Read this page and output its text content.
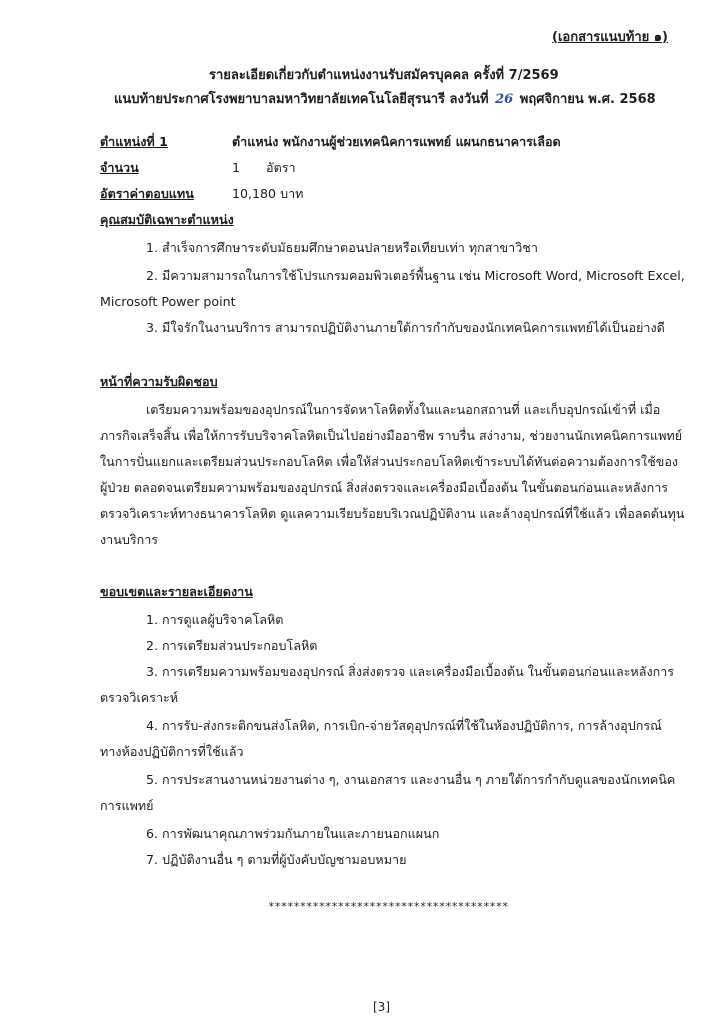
(เอกสารแนบท้าย ๑)
รายละเอียดเกี่ยวกับตำแหน่งงานรับสมัครบุคคล ครั้งที่ 7/2569
แนบท้ายประกาศโรงพยาบาลมหาวิทยาลัยเทคโนโลยีสุรนารี ลงวันที่ 26 พฤศจิกายน พ.ศ. 2568
ตำแหน่งที่ 1	ตำแหน่ง พนักงานผู้ช่วยเทคนิคการแพทย์ แผนกธนาคารเลือด
จำนวน	1 อัตรา
อัตราค่าตอบแทน	10,180 บาท
คุณสมบัติเฉพาะตำแหน่ง
1. สำเร็จการศึกษาระดับมัธยมศึกษาตอนปลายหรือเทียบเท่า ทุกสาขาวิชา
2. มีความสามารถในการใช้โปรแกรมคอมพิวเตอร์พื้นฐาน เช่น Microsoft Word, Microsoft Excel,
Microsoft Power point
3. มีใจรักในงานบริการ สามารถปฏิบัติงานภายใต้การกำกับของนักเทคนิคการแพทย์ได้เป็นอย่างดี
หน้าที่ความรับผิดชอบ
เตรียมความพร้อมของอุปกรณ์ในการจัดหาโลหิตทั้งในและนอกสถานที่ และเก็บอุปกรณ์เข้าที่ เมื่อ
ภารกิจเสร็จสิ้น เพื่อให้การรับบริจาคโลหิตเป็นไปอย่างมืออาชีพ ราบรื่น สง่างาม, ช่วยงานนักเทคนิคการแพทย์
ในการปั่นแยกและเตรียมส่วนประกอบโลหิต เพื่อให้ส่วนประกอบโลหิตเข้าระบบได้ทันต่อความต้องการใช้ของ
ผู้ป่วย ตลอดจนเตรียมความพร้อมของอุปกรณ์ สิ่งส่งตรวจและเครื่องมือเบื้องต้น ในขั้นตอนก่อนและหลังการ
ตรวจวิเคราะห์ทางธนาคารโลหิต ดูแลความเรียบร้อยบริเวณปฏิบัติงาน และล้างอุปกรณ์ที่ใช้แล้ว เพื่อลดต้นทุน
งานบริการ
ขอบเขตและรายละเอียดงาน
1. การดูแลผู้บริจาคโลหิต
2. การเตรียมส่วนประกอบโลหิต
3. การเตรียมความพร้อมของอุปกรณ์ สิ่งส่งตรวจ และเครื่องมือเบื้องต้น ในขั้นตอนก่อนและหลังการ
ตรวจวิเคราะห์
4. การรับ-ส่งกระติกขนส่งโลหิต, การเบิก-จ่ายวัสดุอุปกรณ์ที่ใช้ในห้องปฏิบัติการ, การล้างอุปกรณ์
ทางห้องปฏิบัติการที่ใช้แล้ว
5. การประสานงานหน่วยงานต่าง ๆ, งานเอกสาร และงานอื่น ๆ ภายใต้การกำกับดูแลของนักเทคนิค
การแพทย์
6. การพัฒนาคุณภาพร่วมกันภายในและภายนอกแผนก
7. ปฏิบัติงานอื่น ๆ ตามที่ผู้บังคับบัญชามอบหมาย
**************************************
[3]
